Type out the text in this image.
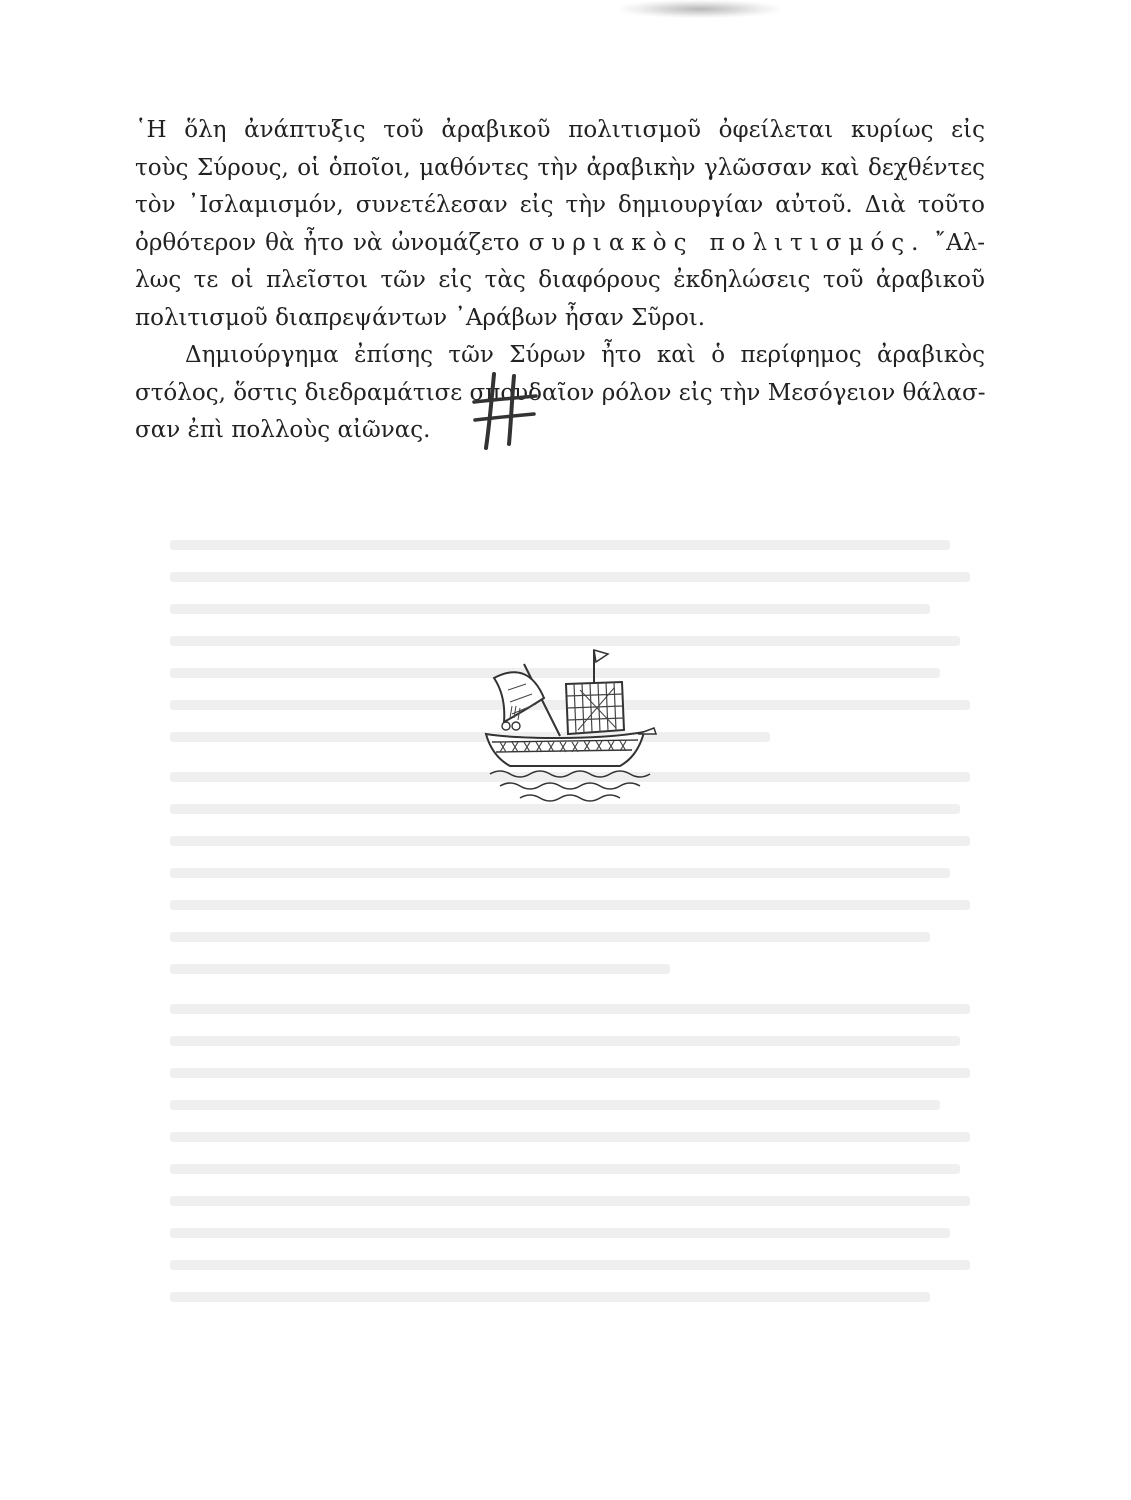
῾Η ὅλη ἀνάπτυξις τοῦ ἀραβικοῦ πολιτισμοῦ ὀφείλεται κυρίως εἰς
τοὺς Σύρους, οἱ ὁποῖοι, μαθόντες τὴν ἀραβικὴν γλῶσσαν καὶ δεχθέντες
τὸν ᾿Ισλαμισμόν, συνετέλεσαν εἰς τὴν δημιουργίαν αὐτοῦ. Διὰ τοῦτο
ὀρθότερον θὰ ἦτο νὰ ὠνομάζετο συριακὸς πολιτισμός. ῎Αλ-
λως τε οἱ πλεῖστοι τῶν εἰς τὰς διαφόρους ἐκδηλώσεις τοῦ ἀραβικοῦ
πολιτισμοῦ διαπρεψάντων ᾿Αράβων ἦσαν Σῦροι.

Δημιούργημα ἐπίσης τῶν Σύρων ἦτο καὶ ὁ περίφημος ἀραβικὸς
στόλος, ὅστις διεδραμάτισε σπουδαῖον ρόλον εἰς τὴν Μεσόγειον θάλασ-
σαν ἐπὶ πολλοὺς αἰῶνας.
